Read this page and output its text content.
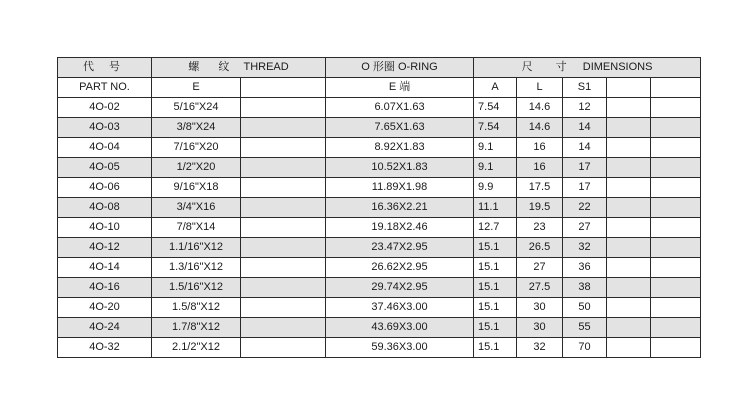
代 号	螺 纹 THREAD		O 形圈 O-RING	尺 寸 DIMENSIONS				
PART NO.	E		E 端	A	L	S1		
4O-02	5/16"X24		6.07X1.63	7.54	14.6	12		
4O-03	3/8"X24		7.65X1.63	7.54	14.6	14		
4O-04	7/16"X20		8.92X1.83	9.1	16	14		
4O-05	1/2"X20		10.52X1.83	9.1	16	17		
4O-06	9/16"X18		11.89X1.98	9.9	17.5	17		
4O-08	3/4"X16		16.36X2.21	11.1	19.5	22		
4O-10	7/8"X14		19.18X2.46	12.7	23	27		
4O-12	1.1/16"X12		23.47X2.95	15.1	26.5	32		
4O-14	1.3/16"X12		26.62X2.95	15.1	27	36		
4O-16	1.5/16"X12		29.74X2.95	15.1	27.5	38		
4O-20	1.5/8"X12		37.46X3.00	15.1	30	50		
4O-24	1.7/8"X12		43.69X3.00	15.1	30	55		
4O-32	2.1/2"X12		59.36X3.00	15.1	32	70		
